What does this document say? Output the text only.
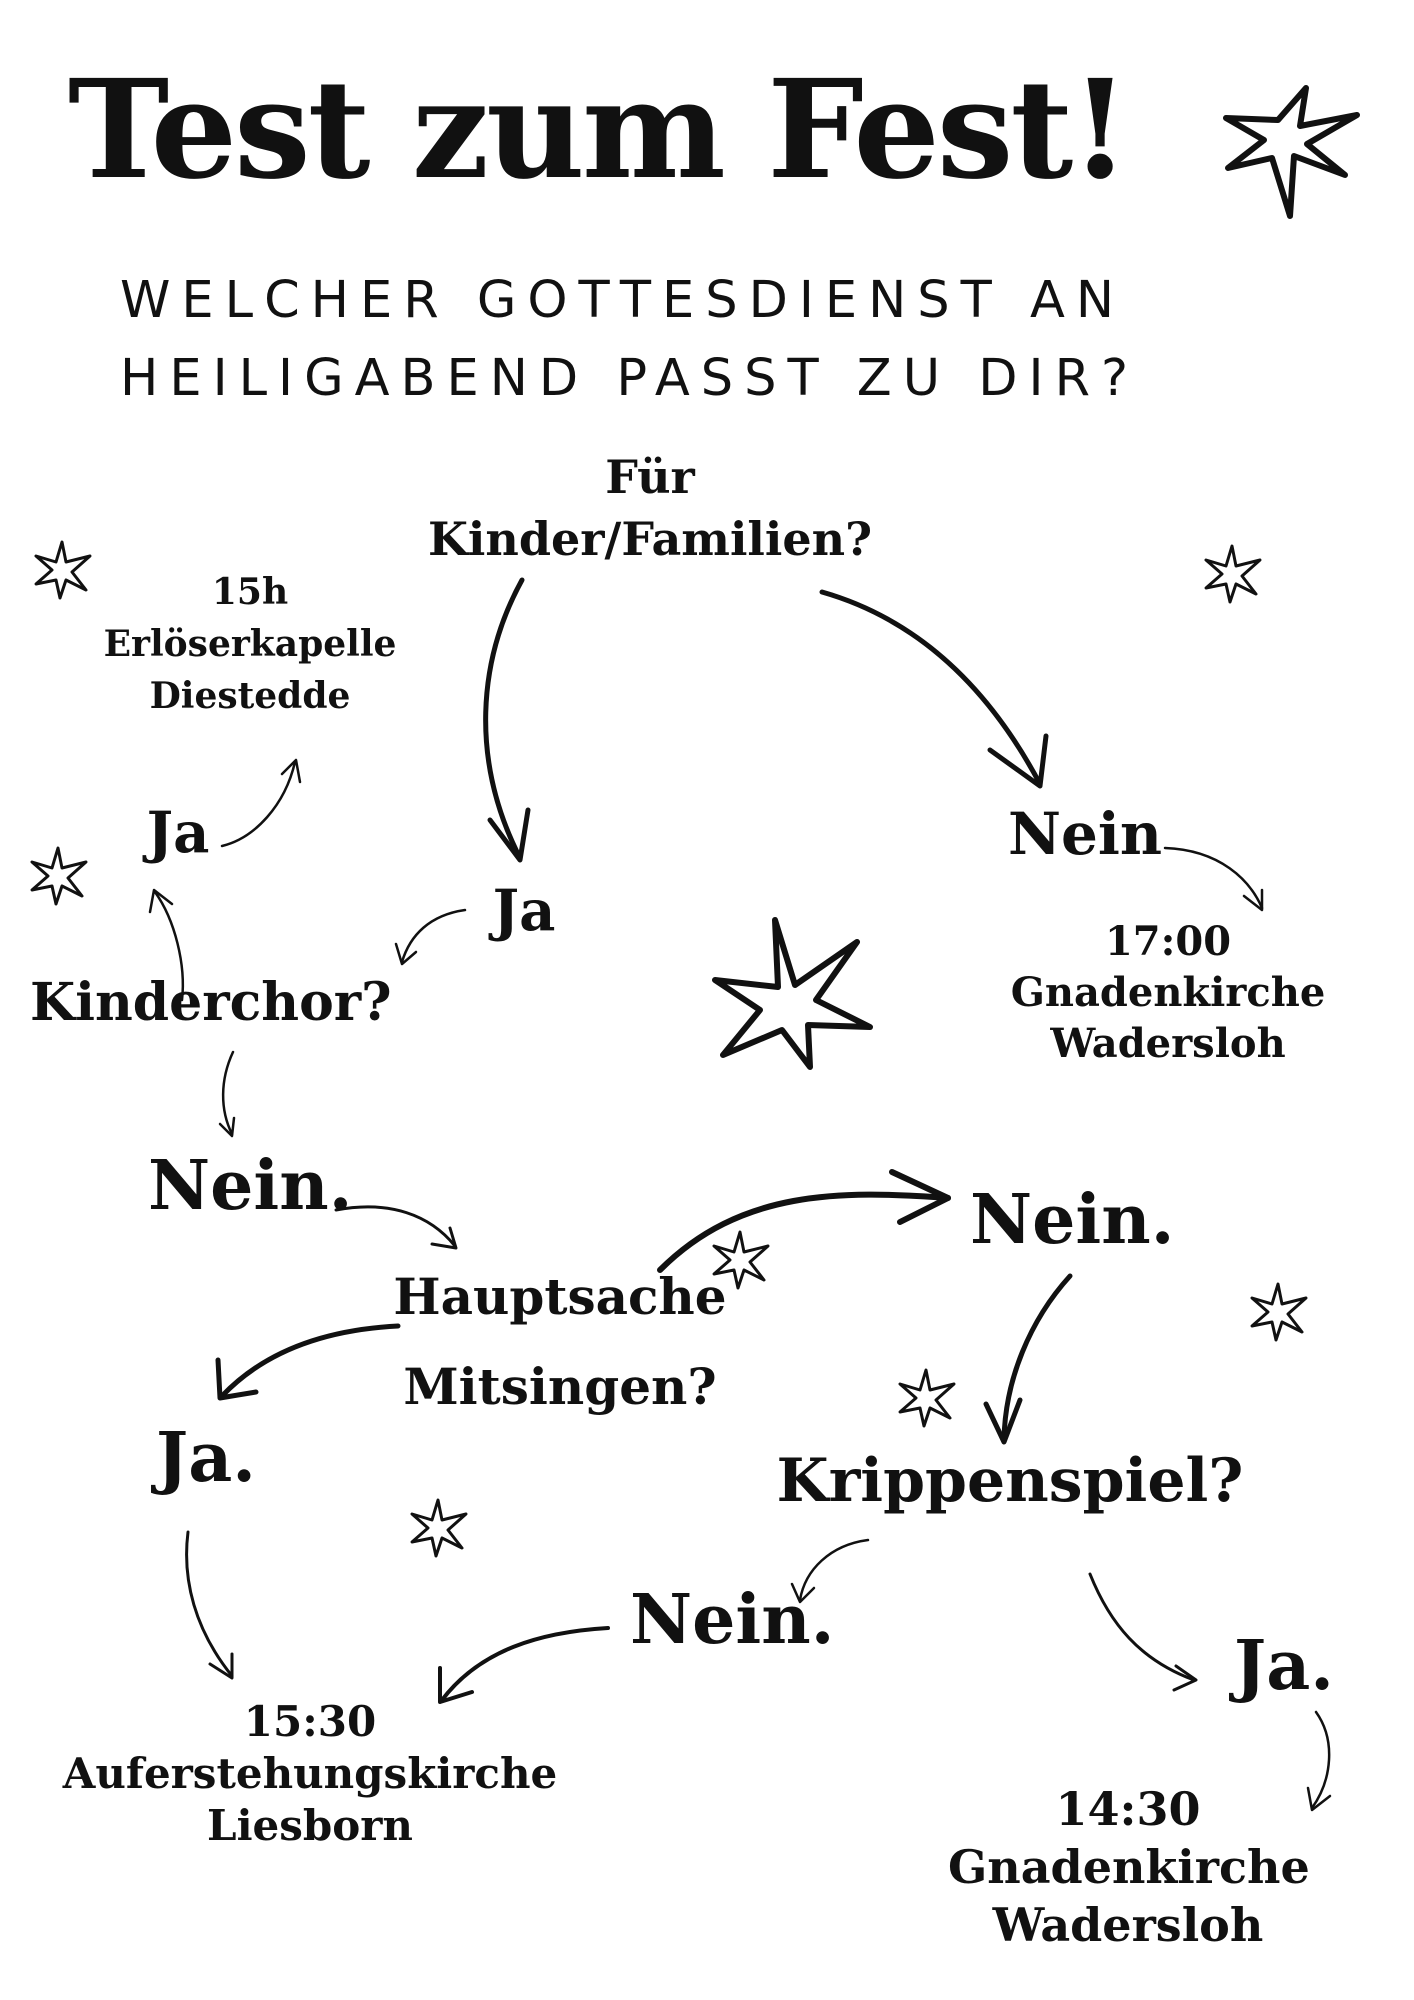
Test zum Fest!
WELCHER GOTTESDIENST AN
HEILIGABEND PASST ZU DIR?
Für
Kinder/Familien?
Nein
17:00
Gnadenkirche
Wadersloh
15h
Erlöserkapelle
Diestedde
Ja
Ja
Kinderchor?
Nein.
Hauptsache
Mitsingen?
Nein.
Krippenspiel?
Ja.
Nein.
Ja.
15:30
Auferstehungskirche
Liesborn	14:30
Gnadenkirche
Wadersloh
